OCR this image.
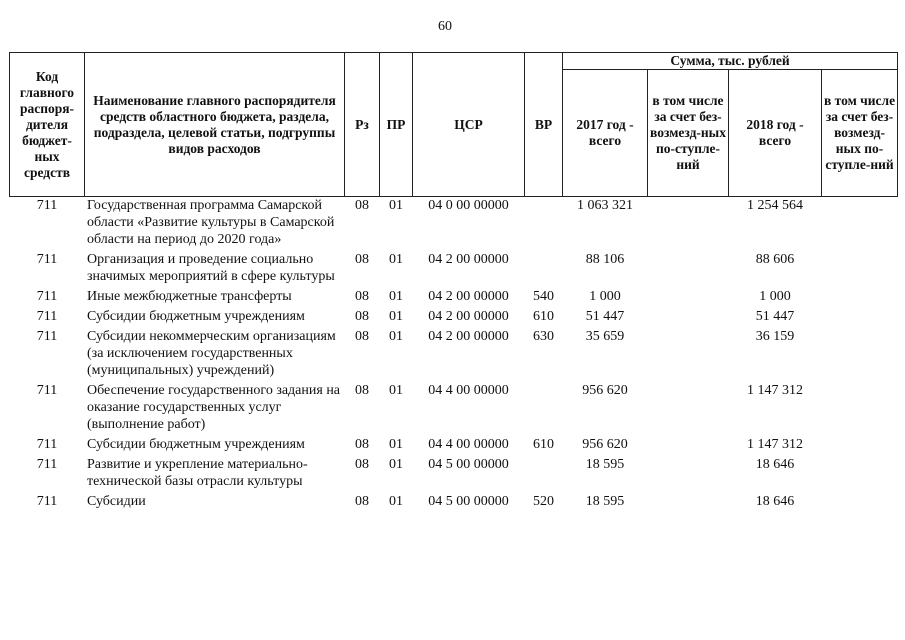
60
Код главного распоря-дителя бюджет-ных средств	Наименование главного распорядителя средств областного бюджета, раздела, подраздела, целевой статьи, подгруппы видов расходов	Рз	ПР	ЦСР	ВР	Сумма, тыс. рублей			
						2017 год - всего	в том числе за счет без-возмезд-ных по-ступле-ний	2018 год - всего	в том числе за счет без-возмезд-ных по-ступле-ний
711	Государственная программа Самарской области «Развитие культуры в Самарской области на период до 2020 года»	08	01	04 0 00 00000		1 063 321		1 254 564	
711	Организация и проведение социально значимых мероприятий в сфере культуры	08	01	04 2 00 00000		88 106		88 606	
711	Иные межбюджетные трансферты	08	01	04 2 00 00000	540	1 000		1 000	
711	Субсидии бюджетным учреждениям	08	01	04 2 00 00000	610	51 447		51 447	
711	Субсидии некоммерческим организациям (за исключением государственных (муниципальных) учреждений)	08	01	04 2 00 00000	630	35 659		36 159	
711	Обеспечение государственного задания на оказание государственных услуг (выполнение работ)	08	01	04 4 00 00000		956 620		1 147 312	
711	Субсидии бюджетным учреждениям	08	01	04 4 00 00000	610	956 620		1 147 312	
711	Развитие и укрепление материально-технической базы отрасли культуры	08	01	04 5 00 00000		18 595		18 646	
711	Субсидии	08	01	04 5 00 00000	520	18 595		18 646	
